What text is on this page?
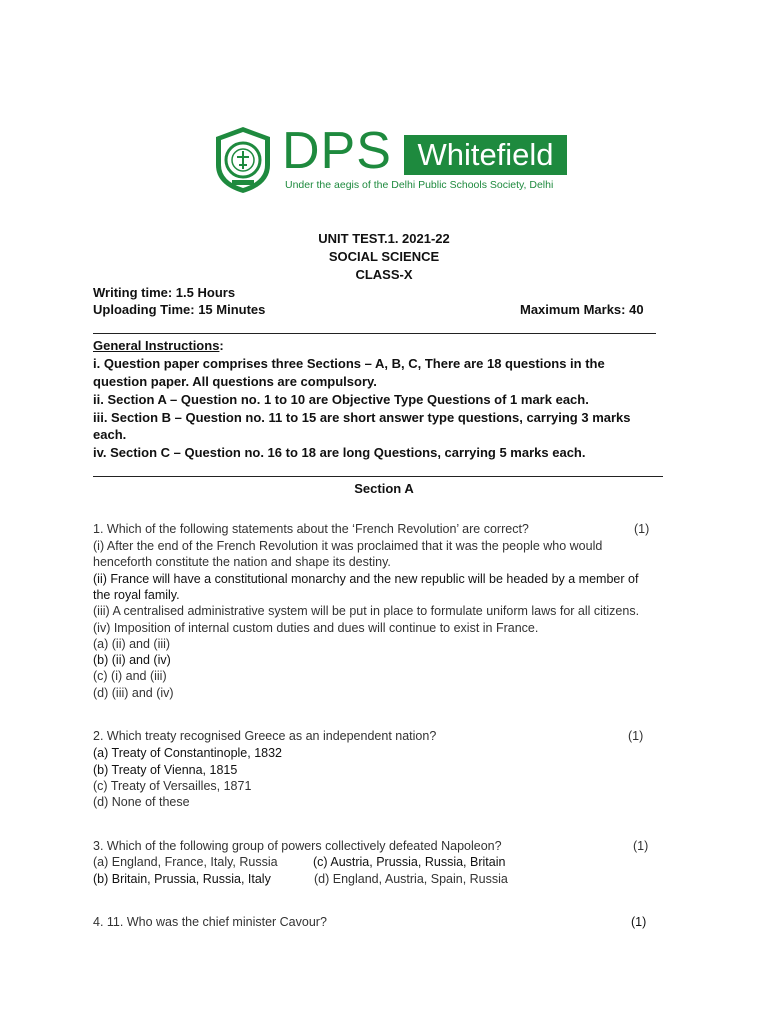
DPS Whitefield
Under the aegis of the Delhi Public Schools Society, Delhi
UNIT TEST.1. 2021-22
SOCIAL SCIENCE
CLASS-X
Writing time: 1.5 Hours
Uploading Time: 15 Minutes	Maximum Marks: 40
General Instructions:
i. Question paper comprises three Sections – A, B, C, There are 18 questions in the
question paper. All questions are compulsory.
ii. Section A – Question no. 1 to 10 are Objective Type Questions of 1 mark each.
iii. Section B – Question no. 11 to 15 are short answer type questions, carrying 3 marks
each.
iv. Section C – Question no. 16 to 18 are long Questions, carrying 5 marks each.
Section A
1. Which of the following statements about the ‘French Revolution’ are correct?	(1)
(i) After the end of the French Revolution it was proclaimed that it was the people who would
henceforth constitute the nation and shape its destiny.
(ii) France will have a constitutional monarchy and the new republic will be headed by a member of
the royal family.
(iii) A centralised administrative system will be put in place to formulate uniform laws for all citizens.
(iv) Imposition of internal custom duties and dues will continue to exist in France.
(a) (ii) and (iii)
(b) (ii) and (iv)
(c) (i) and (iii)
(d) (iii) and (iv)
2. Which treaty recognised Greece as an independent nation?	(1)
(a) Treaty of Constantinople, 1832
(b) Treaty of Vienna, 1815
(c) Treaty of Versailles, 1871
(d) None of these
3. Which of the following group of powers collectively defeated Napoleon?	(1)
(a) England, France, Italy, Russia	(c) Austria, Prussia, Russia, Britain
(b) Britain, Prussia, Russia, Italy	(d) England, Austria, Spain, Russia
4. 11. Who was the chief minister Cavour?	(1)
